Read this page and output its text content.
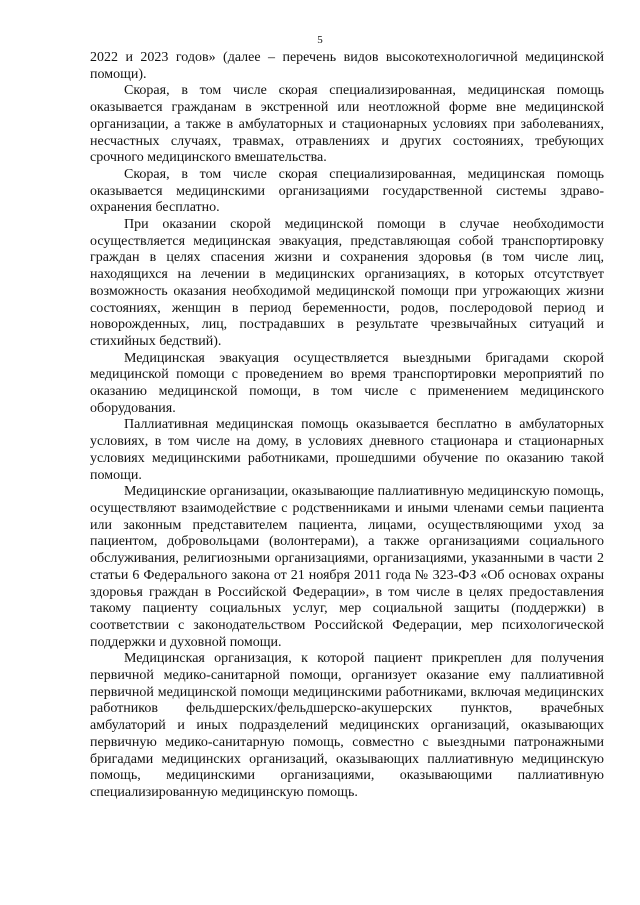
5

2022 и 2023 годов» (далее – перечень видов высокотехнологичной медицинской помощи).

Скорая, в том числе скорая специализированная, медицинская помощь оказывается гражданам в экстренной или неотложной форме вне медицинской организации, а также в амбулаторных и стационарных условиях при заболеваниях, несчастных случаях, травмах, отравлениях и других состояниях, требующих срочного медицинского вмешательства.

Скорая, в том числе скорая специализированная, медицинская помощь оказывается медицинскими организациями государственной системы здравоохранения бесплатно.

При оказании скорой медицинской помощи в случае необходимости осуществляется медицинская эвакуация, представляющая собой транспортировку граждан в целях спасения жизни и сохранения здоровья (в том числе лиц, находящихся на лечении в медицинских организациях, в которых отсутствует возможность оказания необходимой медицинской помощи при угрожающих жизни состояниях, женщин в период беременности, родов, послеродовой период и новорожденных, лиц, пострадавших в результате чрезвычайных ситуаций и стихийных бедствий).

Медицинская эвакуация осуществляется выездными бригадами скорой медицинской помощи с проведением во время транспортировки мероприятий по оказанию медицинской помощи, в том числе с применением медицинского оборудования.

Паллиативная медицинская помощь оказывается бесплатно в амбулаторных условиях, в том числе на дому, в условиях дневного стационара и стационарных условиях медицинскими работниками, прошедшими обучение по оказанию такой помощи.

Медицинские организации, оказывающие паллиативную медицинскую помощь, осуществляют взаимодействие с родственниками и иными членами семьи пациента или законным представителем пациента, лицами, осуществляющими уход за пациентом, добровольцами (волонтерами), а также организациями социального обслуживания, религиозными организациями, организациями, указанными в части 2 статьи 6 Федерального закона от 21 ноября 2011 года № 323-ФЗ «Об основах охраны здоровья граждан в Российской Федерации», в том числе в целях предоставления такому пациенту социальных услуг, мер социальной защиты (поддержки) в соответствии с законодательством Российской Федерации, мер психологической поддержки и духовной помощи.

Медицинская организация, к которой пациент прикреплен для получения первичной медико-санитарной помощи, организует оказание ему паллиативной первичной медицинской помощи медицинскими работниками, включая медицинских работников фельдшерских/фельдшерско-акушерских пунктов, врачебных амбулаторий и иных подразделений медицинских организаций, оказывающих первичную медико-санитарную помощь, совместно с выездными патронажными бригадами медицинских организаций, оказывающих паллиативную медицинскую помощь, медицинскими организациями, оказывающими паллиативную специализированную медицинскую помощь.
